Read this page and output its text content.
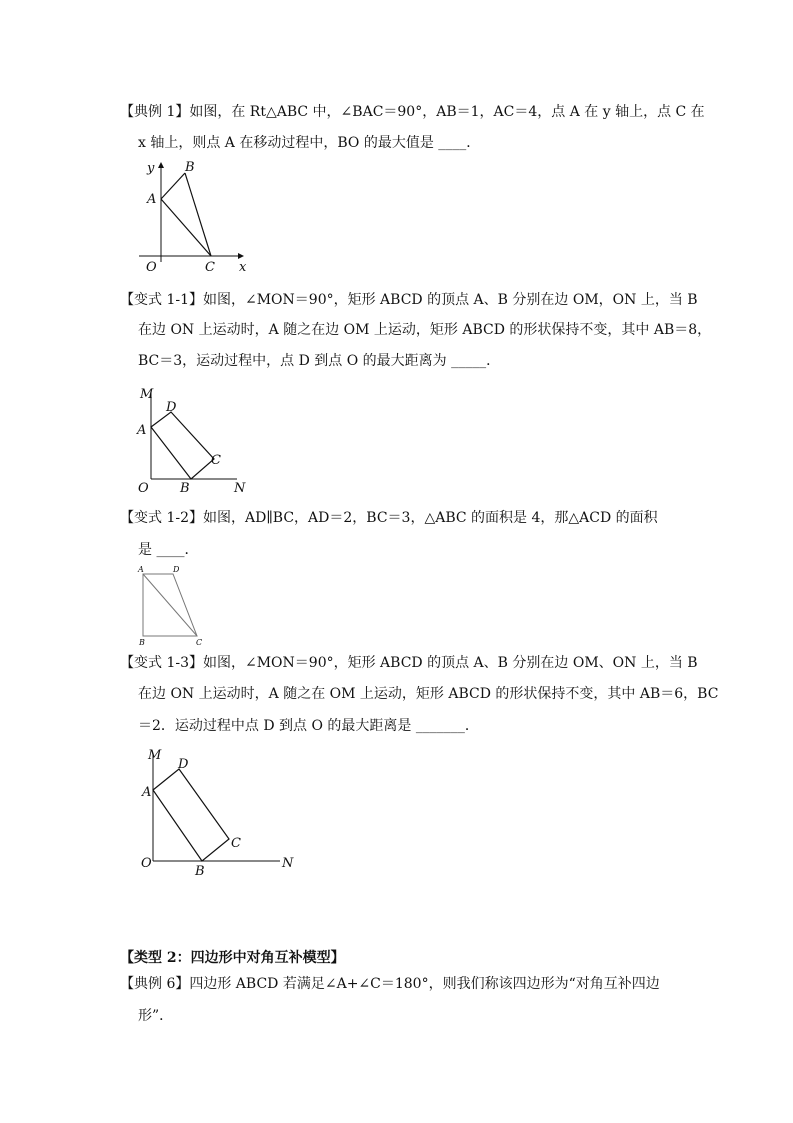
【典例 1】如图，在 Rt△ABC 中，∠BAC＝90°，AB＝1，AC＝4，点 A 在 y 轴上，点 C 在
x 轴上，则点 A 在移动过程中，BO 的最大值是 ____．
y B
A
O	C x
【变式 1-1】如图，∠MON＝90°，矩形 ABCD 的顶点 A、B 分别在边 OM，ON 上，当 B
在边 ON 上运动时，A 随之在边 OM 上运动，矩形 ABCD 的形状保持不变，其中 AB＝8，
BC＝3，运动过程中，点 D 到点 O 的最大距离为 _____．
M
D
A
C
O B	N
【变式 1-2】如图，AD∥BC，AD＝2，BC＝3，△ABC 的面积是 4，那△ACD 的面积
是 ____．
A	D
B	C
【变式 1-3】如图，∠MON＝90°，矩形 ABCD 的顶点 A、B 分别在边 OM、ON 上，当 B
在边 ON 上运动时，A 随之在 OM 上运动，矩形 ABCD 的形状保持不变，其中 AB＝6，BC
＝2．运动过程中点 D 到点 O 的最大距离是 _______．
M
D
A
C
O
B
N
【类型 2：四边形中对角互补模型】
【典例 6】四边形 ABCD 若满足∠A+∠C＝180°，则我们称该四边形为“对角互补四边
形”．
